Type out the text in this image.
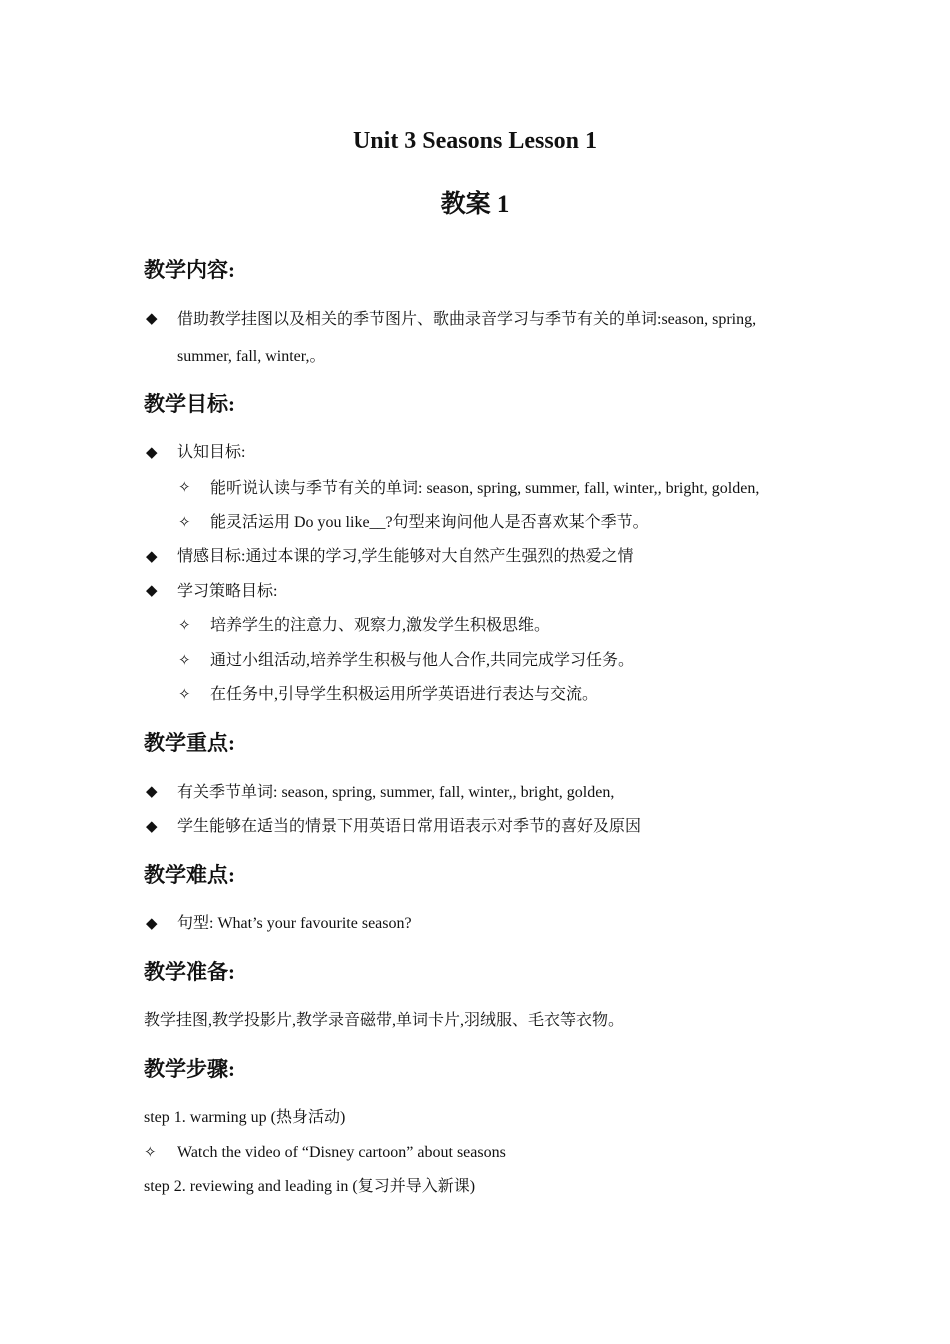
Unit 3 Seasons Lesson 1
教案 1
教学内容:
◆ 借助教学挂图以及相关的季节图片、歌曲录音学习与季节有关的单词:season, spring,
summer, fall, winter,。
教学目标:
◆ 认知目标:
✧ 能听说认读与季节有关的单词: season, spring, summer, fall, winter,, bright, golden,
✧ 能灵活运用 Do you like__?句型来询问他人是否喜欢某个季节。
◆ 情感目标:通过本课的学习,学生能够对大自然产生强烈的热爱之情
◆ 学习策略目标:
✧ 培养学生的注意力、观察力,激发学生积极思维。
✧ 通过小组活动,培养学生积极与他人合作,共同完成学习任务。
✧ 在任务中,引导学生积极运用所学英语进行表达与交流。
教学重点:
◆ 有关季节单词: season, spring, summer, fall, winter,, bright, golden,
◆ 学生能够在适当的情景下用英语日常用语表示对季节的喜好及原因
教学难点:
◆ 句型: What’s your favourite season?
教学准备:
教学挂图,教学投影片,教学录音磁带,单词卡片,羽绒服、毛衣等衣物。
教学步骤:
step 1. warming up (热身活动)
✧ Watch the video of “Disney cartoon” about seasons
step 2. reviewing and leading in (复习并导入新课)
